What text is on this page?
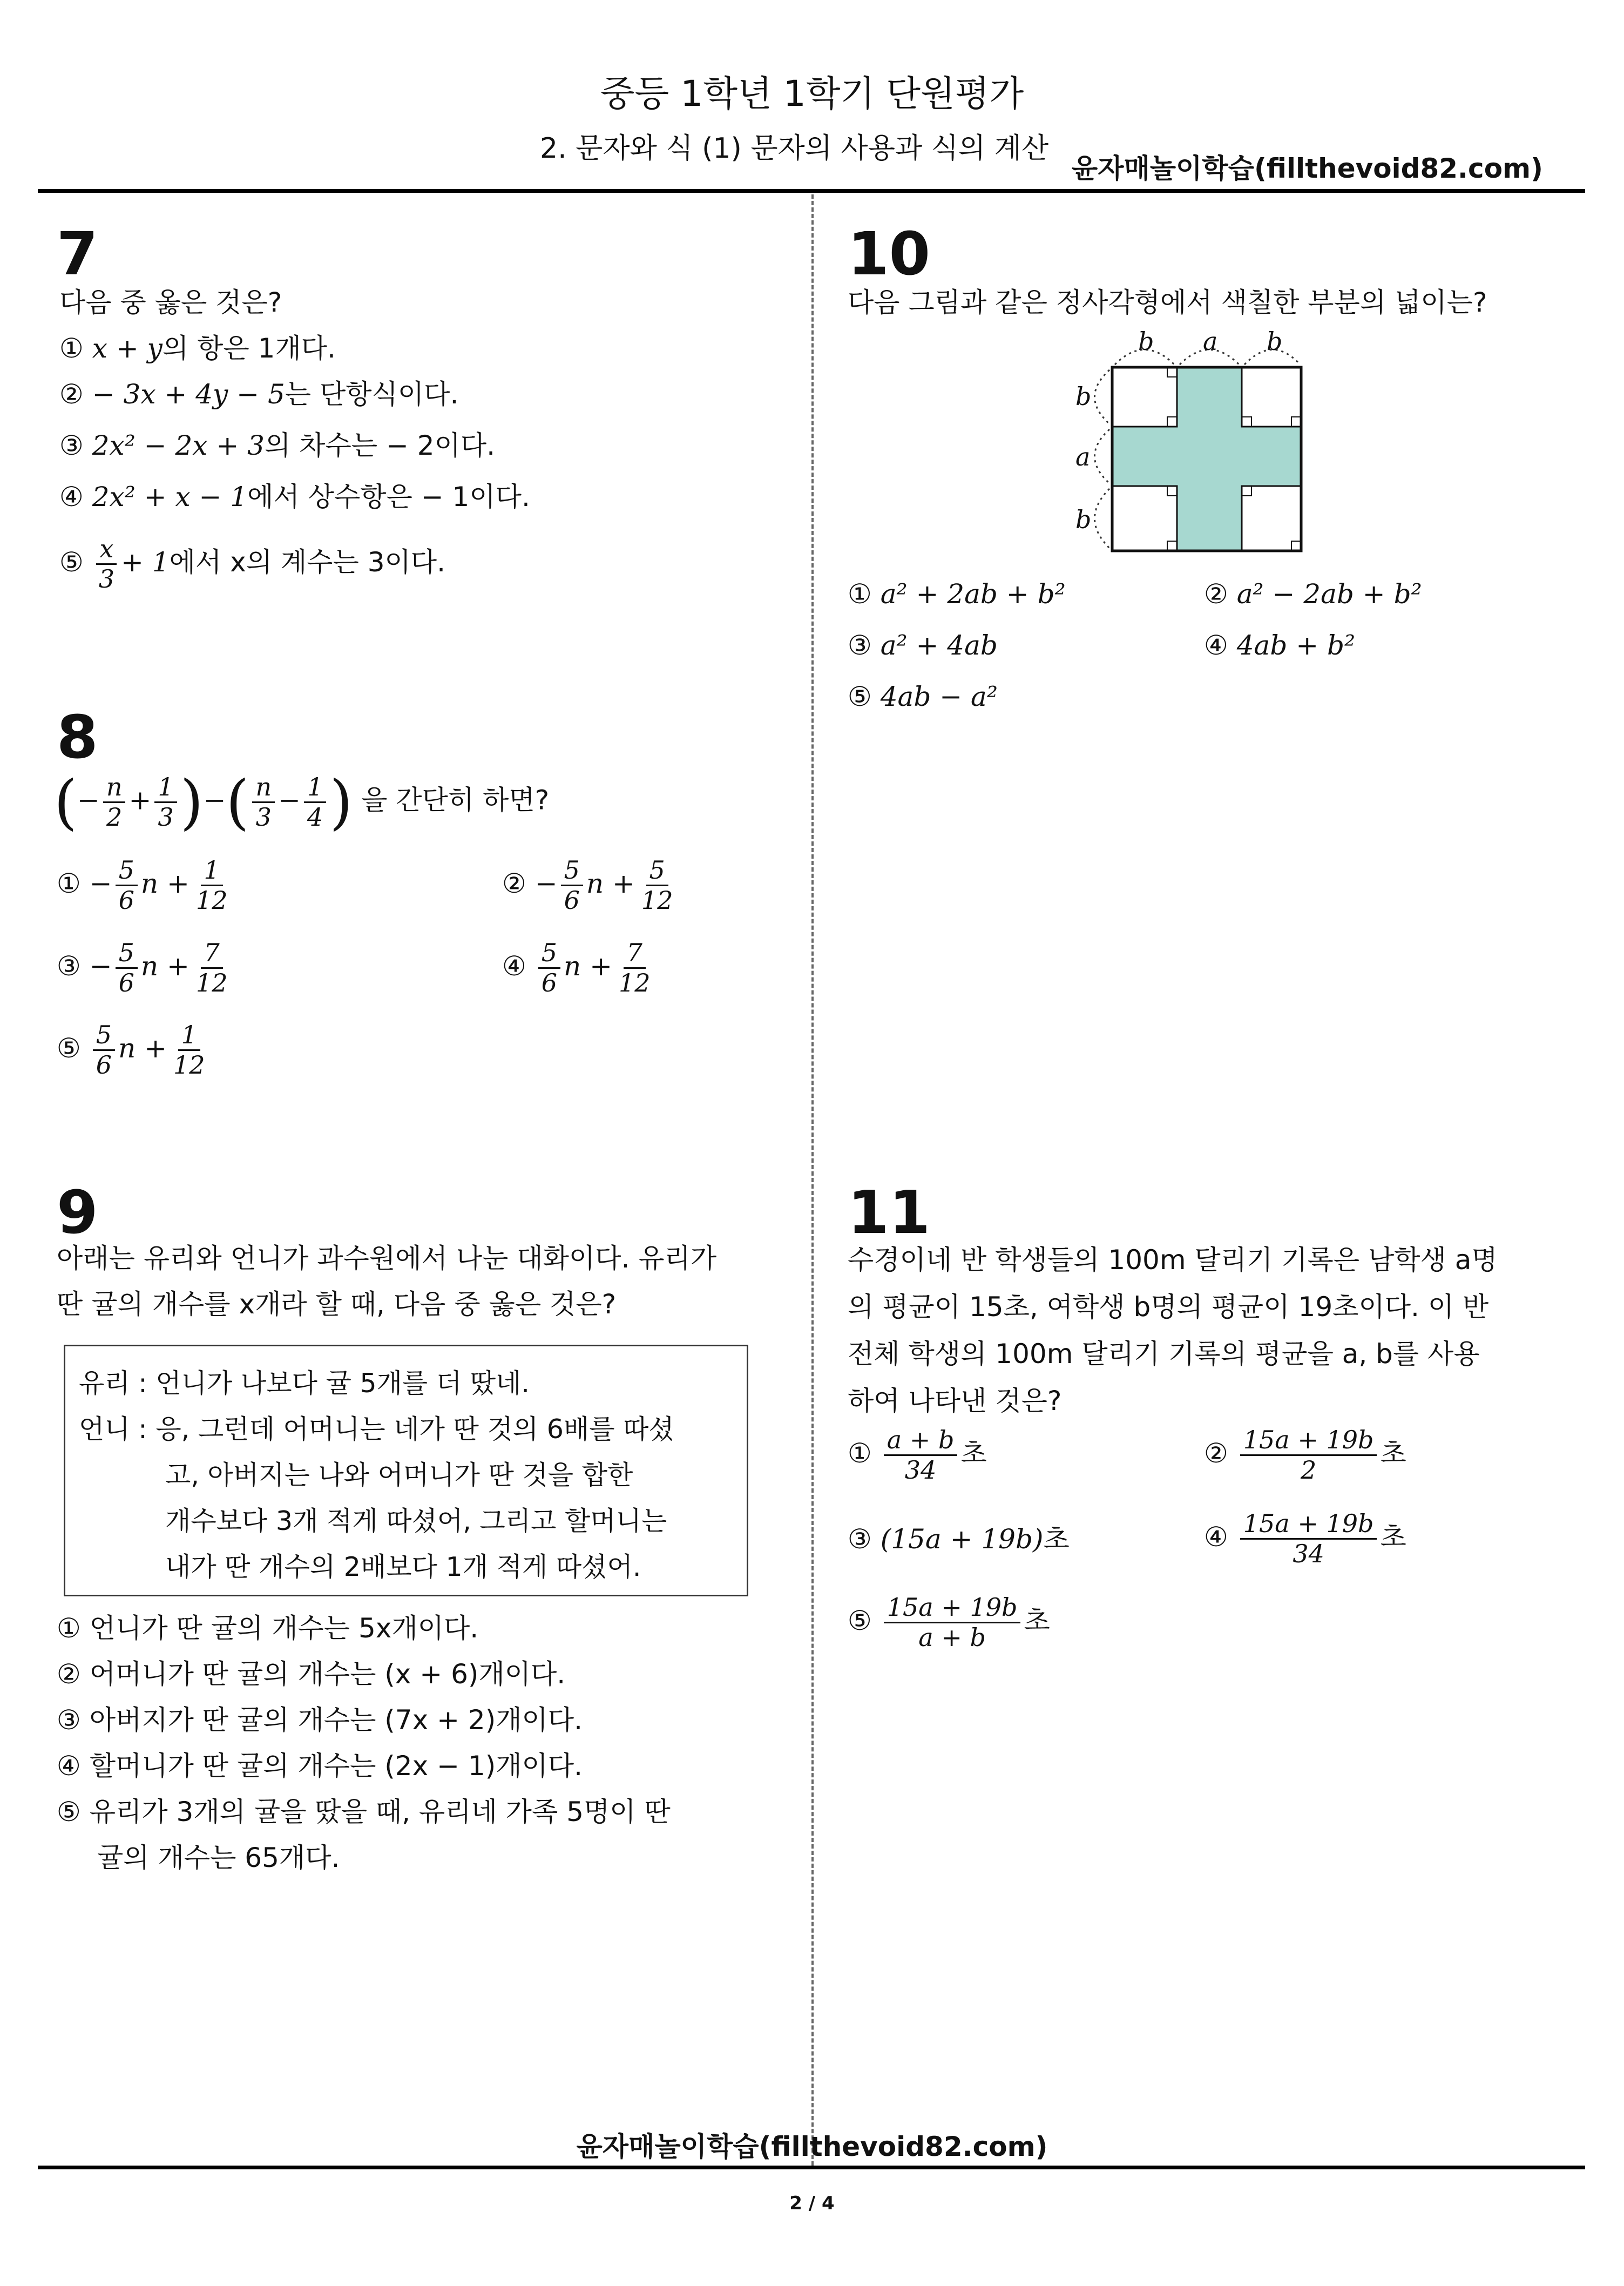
중등 1학년 1학기 단원평가
2. 문자와 식 (1) 문자의 사용과 식의 계산
윤자매놀이학습(fillthevoid82.com)
7
다음 중 옳은 것은?
① x + y의 항은 1개다.
② − 3x + 4y − 5는 단항식이다.
③ 2x² − 2x + 3의 차수는 − 2이다.
④ 2x² + x − 1에서 상수항은 − 1이다.
⑤ $\frac{x}{3} + 1$에서 x의 계수는 3이다.
8
(− $\frac{n}{2} + \frac{1}{3}$ )−( $\frac{n}{3} - \frac{1}{4}$ ) 을 간단히 하면?
① − $\frac{5}{6}$ $n + \frac{1}{12}$	② − $\frac{5}{6}$ $n + \frac{5}{12}$
③ − $\frac{5}{6}$ $n + \frac{7}{12}$	④ $\frac{5}{6}$ $n + \frac{7}{12}$
⑤ $\frac{5}{6}$ $n + \frac{1}{12}$
9
아래는 유리와 언니가 과수원에서 나눈 대화이다. 유리가
딴 귤의 개수를 x개라 할 때, 다음 중 옳은 것은?
유리 : 언니가 나보다 귤 5개를 더 땄네.
언니 : 응, 그런데 어머니는 네가 딴 것의 6배를 따셨
고, 아버지는 나와 어머니가 딴 것을 합한
개수보다 3개 적게 따셨어, 그리고 할머니는
내가 딴 개수의 2배보다 1개 적게 따셨어.
① 언니가 딴 귤의 개수는 5x개이다.
② 어머니가 딴 귤의 개수는 (x + 6)개이다.
③ 아버지가 딴 귤의 개수는 (7x + 2)개이다.
④ 할머니가 딴 귤의 개수는 (2x − 1)개이다.
⑤ 유리가 3개의 귤을 땄을 때, 유리네 가족 5명이 딴
귤의 개수는 65개다.
10
다음 그림과 같은 정사각형에서 색칠한 부분의 넓이는?
b a b
b
a
b
① a² + 2ab + b²	② a² − 2ab + b²
③ a² + 4ab	④ 4ab + b²
⑤ 4ab − a²
11
수경이네 반 학생들의 100m 달리기 기록은 남학생 a명
의 평균이 15초, 여학생 b명의 평균이 19초이다. 이 반
전체 학생의 100m 달리기 기록의 평균을 a, b를 사용
하여 나타낸 것은?
① $\frac{a + b}{34}$ 초	② $\frac{15a + 19b}{2}$ 초
③ (15a + 19b)초	④ $\frac{15a + 19b}{34}$ 초
⑤ $\frac{15a + 19b}{a + b}$ 초
윤자매놀이학습(fillthevoid82.com)
2 / 4
